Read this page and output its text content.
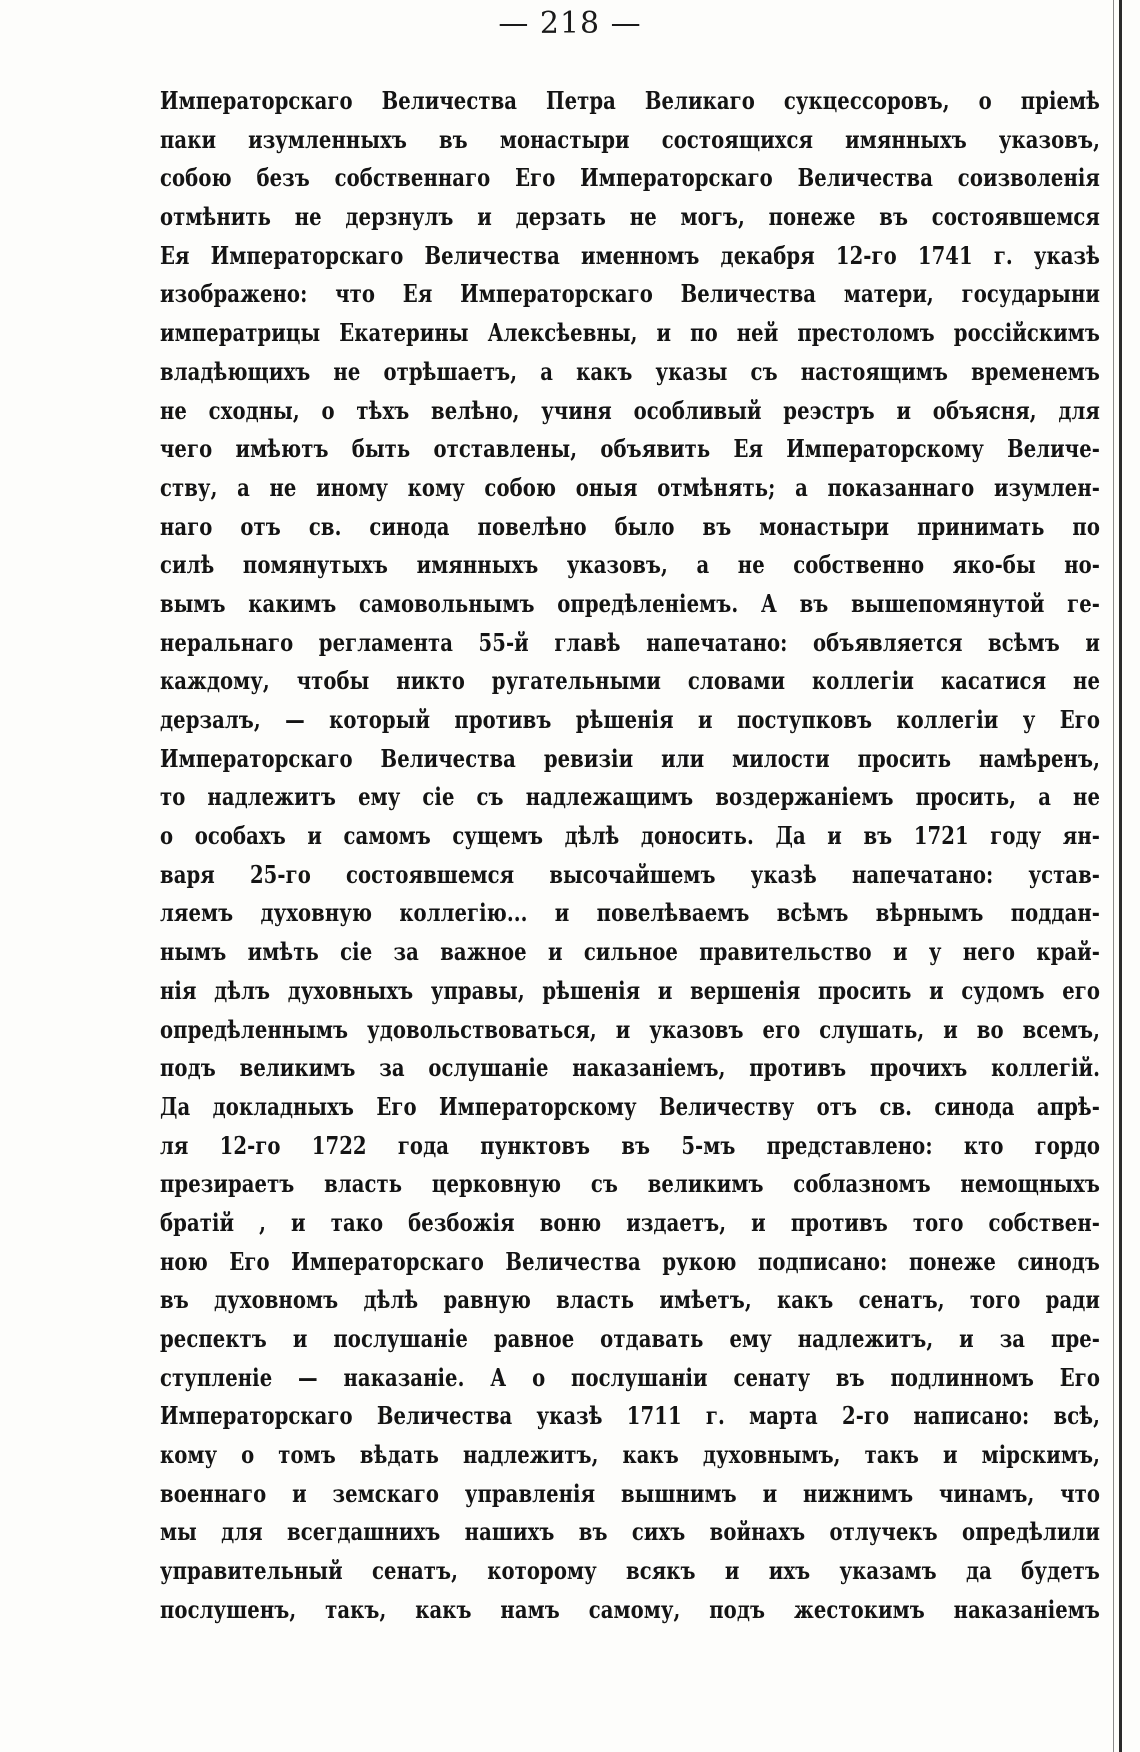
— 218 —
Императорскаго Величества Петра Великаго сукцессоровъ, о прiемѣ
паки изумленныхъ въ монастыри состоящихся имянныхъ указовъ,
собою безъ собственнаго Его Императорскаго Величества соизволенiя
отмѣнить не дерзнулъ и дерзать не могъ, понеже въ состоявшемся
Ея Императорскаго Величества именномъ декабря 12-го 1741 г. указѣ
изображено: что Ея Императорскаго Величества матери, государыни
императрицы Екатерины Алексѣевны, и по ней престоломъ россiйскимъ
владѣющихъ не отрѣшаетъ, а какъ указы съ настоящимъ временемъ
не сходны, о тѣхъ велѣно, учиня особливый реэстръ и объясня, для
чего имѣютъ быть отставлены, объявить Ея Императорскому Величе-
ству, а не иному кому собою оныя отмѣнять; а показаннаго изумлен-
наго отъ св. синода повелѣно было въ монастыри принимать по
силѣ помянутыхъ имянныхъ указовъ, а не собственно яко-бы но-
вымъ какимъ самовольнымъ опредѣленiемъ. А въ вышепомянутой ге-
неральнаго регламента 55-й главѣ напечатано: объявляется всѣмъ и
каждому, чтобы никто ругательными словами коллегiи касатися не
дерзалъ, — который противъ рѣшенiя и поступковъ коллегiи у Его
Императорскаго Величества ревизiи или милости просить намѣренъ,
то надлежитъ ему сiе съ надлежащимъ воздержанiемъ просить, а не
о особахъ и самомъ сущемъ дѣлѣ доносить. Да и въ 1721 году ян-
варя 25-го состоявшемся высочайшемъ указѣ напечатано: устав-
ляемъ духовную коллегiю... и повелѣваемъ всѣмъ вѣрнымъ поддан-
нымъ имѣть сiе за важное и сильное правительство и у него край-
нiя дѣлъ духовныхъ управы, рѣшенiя и вершенiя просить и судомъ его
опредѣленнымъ удовольствоваться, и указовъ его слушать, и во всемъ,
подъ великимъ за ослушанiе наказанiемъ, противъ прочихъ коллегiй.
Да докладныхъ Его Императорскому Величеству отъ св. синода апрѣ-
ля 12-го 1722 года пунктовъ въ 5-мъ представлено: кто гордо
презираетъ власть церковную съ великимъ соблазномъ немощныхъ
братiй , и тако безбожiя воню издаетъ, и противъ того собствен-
ною Его Императорскаго Величества рукою подписано: понеже синодъ
въ духовномъ дѣлѣ равную власть имѣетъ, какъ сенатъ, того ради
респектъ и послушанiе равное отдавать ему надлежитъ, и за пре-
ступленiе — наказанiе. А о послушанiи сенату въ подлинномъ Его
Императорскаго Величества указѣ 1711 г. марта 2-го написано: всѣ,
кому о томъ вѣдать надлежитъ, какъ духовнымъ, такъ и мiрскимъ,
военнаго и земскаго управленiя вышнимъ и нижнимъ чинамъ, что
мы для всегдашнихъ нашихъ въ сихъ войнахъ отлучекъ опредѣлили
управительный сенатъ, которому всякъ и ихъ указамъ да будетъ
послушенъ, такъ, какъ намъ самому, подъ жестокимъ наказанiемъ
